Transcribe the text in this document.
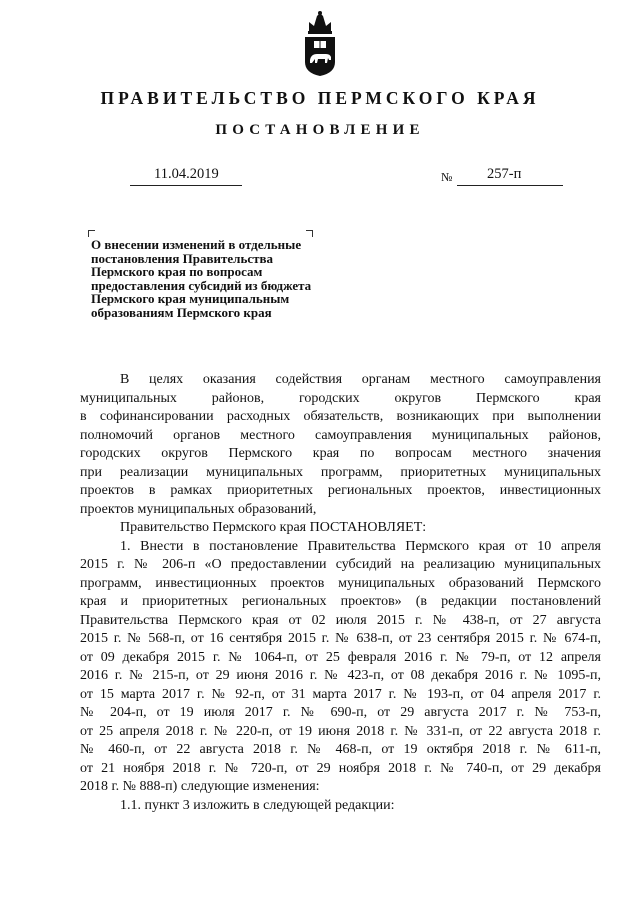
ПРАВИТЕЛЬСТВО ПЕРМСКОГО КРАЯ
ПОСТАНОВЛЕНИЕ
11.04.2019	№ 257-п
О внесении изменений в отдельные
постановления Правительства
Пермского края по вопросам
предоставления субсидий из бюджета
Пермского края муниципальным
образованиям Пермского края

В целях оказания содействия органам местного самоуправления
муниципальных районов, городских округов Пермского края
в софинансировании расходных обязательств, возникающих при выполнении
полномочий органов местного самоуправления муниципальных районов,
городских округов Пермского края по вопросам местного значения
при реализации муниципальных программ, приоритетных муниципальных
проектов в рамках приоритетных региональных проектов, инвестиционных
проектов муниципальных образований,

Правительство Пермского края ПОСТАНОВЛЯЕТ:

1. Внести в постановление Правительства Пермского края от 10 апреля
2015 г. № 206-п «О предоставлении субсидий на реализацию муниципальных
программ, инвестиционных проектов муниципальных образований Пермского
края и приоритетных региональных проектов» (в редакции постановлений
Правительства Пермского края от 02 июля 2015 г. № 438-п, от 27 августа
2015 г. № 568-п, от 16 сентября 2015 г. № 638-п, от 23 сентября 2015 г. № 674-п,
от 09 декабря 2015 г. № 1064-п, от 25 февраля 2016 г. № 79-п, от 12 апреля
2016 г. № 215-п, от 29 июня 2016 г. № 423-п, от 08 декабря 2016 г. № 1095-п,
от 15 марта 2017 г. № 92-п, от 31 марта 2017 г. № 193-п, от 04 апреля 2017 г.
№ 204-п, от 19 июля 2017 г. № 690-п, от 29 августа 2017 г. № 753-п,
от 25 апреля 2018 г. № 220-п, от 19 июня 2018 г. № 331-п, от 22 августа 2018 г.
№ 460-п, от 22 августа 2018 г. № 468-п, от 19 октября 2018 г. № 611-п,
от 21 ноября 2018 г. № 720-п, от 29 ноября 2018 г. № 740-п, от 29 декабря
2018 г. № 888-п) следующие изменения:

1.1. пункт 3 изложить в следующей редакции:
